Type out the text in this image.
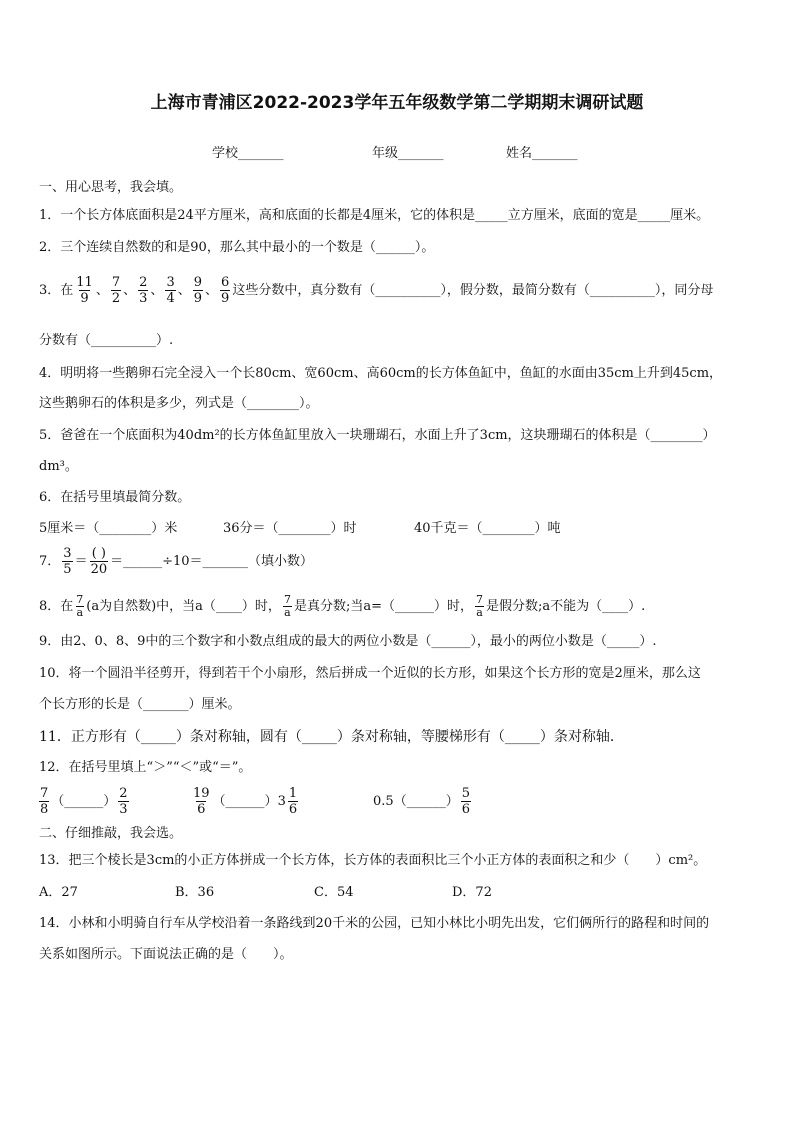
上海市青浦区2022-2023学年五年级数学第二学期期末调研试题
学校_______	年级_______	姓名_______
一、用心思考，我会填。
1．一个长方体底面积是24平方厘米，高和底面的长都是4厘米，它的体积是_____立方厘米，底面的宽是_____厘米。
2．三个连续自然数的和是90，那么其中最小的一个数是（______）。
3．在 $\frac{11}{9}$ 、 $\frac{7}{2}$ 、 $\frac{2}{3}$ 、 $\frac{3}{4}$ 、 $\frac{9}{9}$ 、 $\frac{6}{9}$ 这些分数中，真分数有（__________），假分数，最简分数有（__________），同分母
分数有（__________）.
4．明明将一些鹅卵石完全浸入一个长80cm、宽60cm、高60cm的长方体鱼缸中，鱼缸的水面由35cm上升到45cm，
这些鹅卵石的体积是多少，列式是（________）。
5．爸爸在一个底面积为40dm²的长方体鱼缸里放入一块珊瑚石，水面上升了3cm，这块珊瑚石的体积是（________）
dm³。
6．在括号里填最简分数。
5厘米＝（________）米	36分＝（________）时	40千克＝（________）吨
7． $\frac{3}{5}$ ＝
( )
20
＝______÷10＝_______（填小数）
8．在 $\frac{7}{a} (a$为自然数)中，当a（____）时， $\frac{7}{a}$ 是真分数;当a=（______）时， $\frac{7}{a}$ 是假分数;a不能为（____）.
9．由2、0、8、9中的三个数字和小数点组成的最大的两位小数是（______），最小的两位小数是（_____）.
10．将一个圆沿半径剪开，得到若干个小扇形，然后拼成一个近似的长方形，如果这个长方形的宽是2厘米，那么这
个长方形的长是（_______）厘米。
11．正方形有（_____）条对称轴，圆有（_____）条对称轴，等腰梯形有（_____）条对称轴．
12．在括号里填上“＞”“＜”或“＝”。
$\frac{7}{8}$ （______） $\frac{2}{3}$	$\frac{19}{6}$ （______）3 $\frac{1}{6}$	0.5（______） $\frac{5}{6}$
二、仔细推敲，我会选。
13．把三个棱长是3cm的小正方体拼成一个长方体，长方体的表面积比三个小正方体的表面积之和少（　　）cm²。
A．27	B．36	C．54	D．72
14．小林和小明骑自行车从学校沿着一条路线到20千米的公园，已知小林比小明先出发，它们俩所行的路程和时间的
关系如图所示。下面说法正确的是（　　）。
